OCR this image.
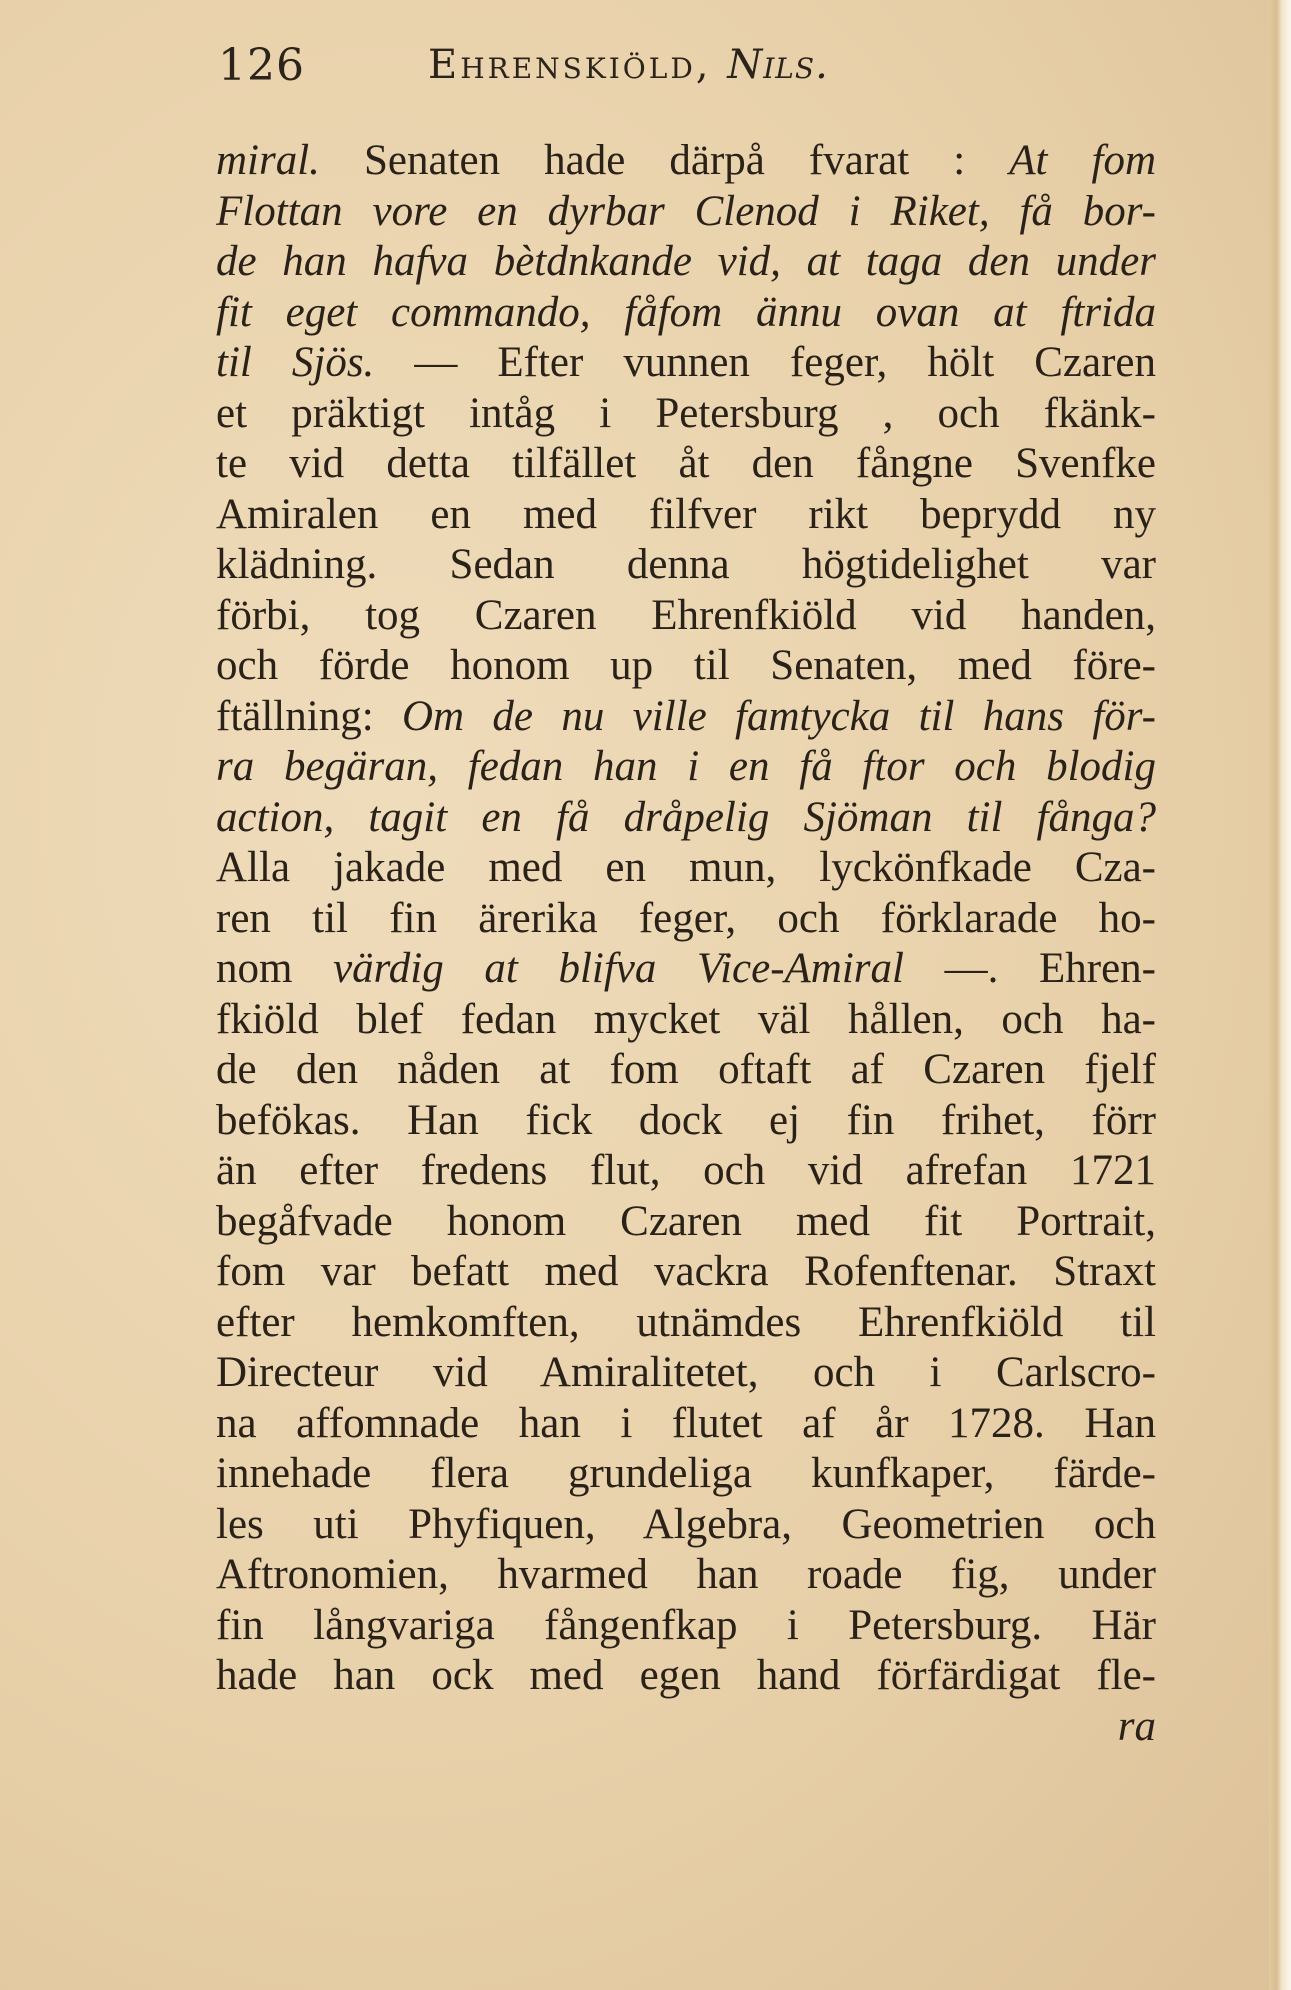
126	Ehrenskiöld, Nils.
miral. Senaten hade därpå fvarat : At fom
Flottan vore en dyrbar Clenod i Riket, få bor-
de han hafva bètdnkande vid, at taga den under
fit eget commando, fåfom ännu ovan at ftrida
til Sjös. — Efter vunnen feger, hölt Czaren
et präktigt intåg i Petersburg , och fkänk-
te vid detta tilfället åt den fångne Svenfke
Amiralen en med filfver rikt beprydd ny
klädning. Sedan denna högtidelighet var
förbi, tog Czaren Ehrenfkiöld vid handen,
och förde honom up til Senaten, med före-
ftällning: Om de nu ville famtycka til hans för-
ra begäran, fedan han i en få ftor och blodig
action, tagit en få dråpelig Sjöman til fånga?
Alla jakade med en mun, lyckönfkade Cza-
ren til fin ärerika feger, och förklarade ho-
nom värdig at blifva Vice-Amiral —. Ehren-
fkiöld blef fedan mycket väl hållen, och ha-
de den nåden at fom oftaft af Czaren fjelf
befökas. Han fick dock ej fin frihet, förr
än efter fredens flut, och vid afrefan 1721
begåfvade honom Czaren med fit Portrait,
fom var befatt med vackra Rofenftenar. Straxt
efter hemkomften, utnämdes Ehrenfkiöld til
Directeur vid Amiralitetet, och i Carlscro-
na affomnade han i flutet af år 1728. Han
innehade flera grundeliga kunfkaper, färde-
les uti Phyfiquen, Algebra, Geometrien och
Aftronomien, hvarmed han roade fig, under
fin långvariga fångenfkap i Petersburg. Här
hade han ock med egen hand förfärdigat fle-
ra
